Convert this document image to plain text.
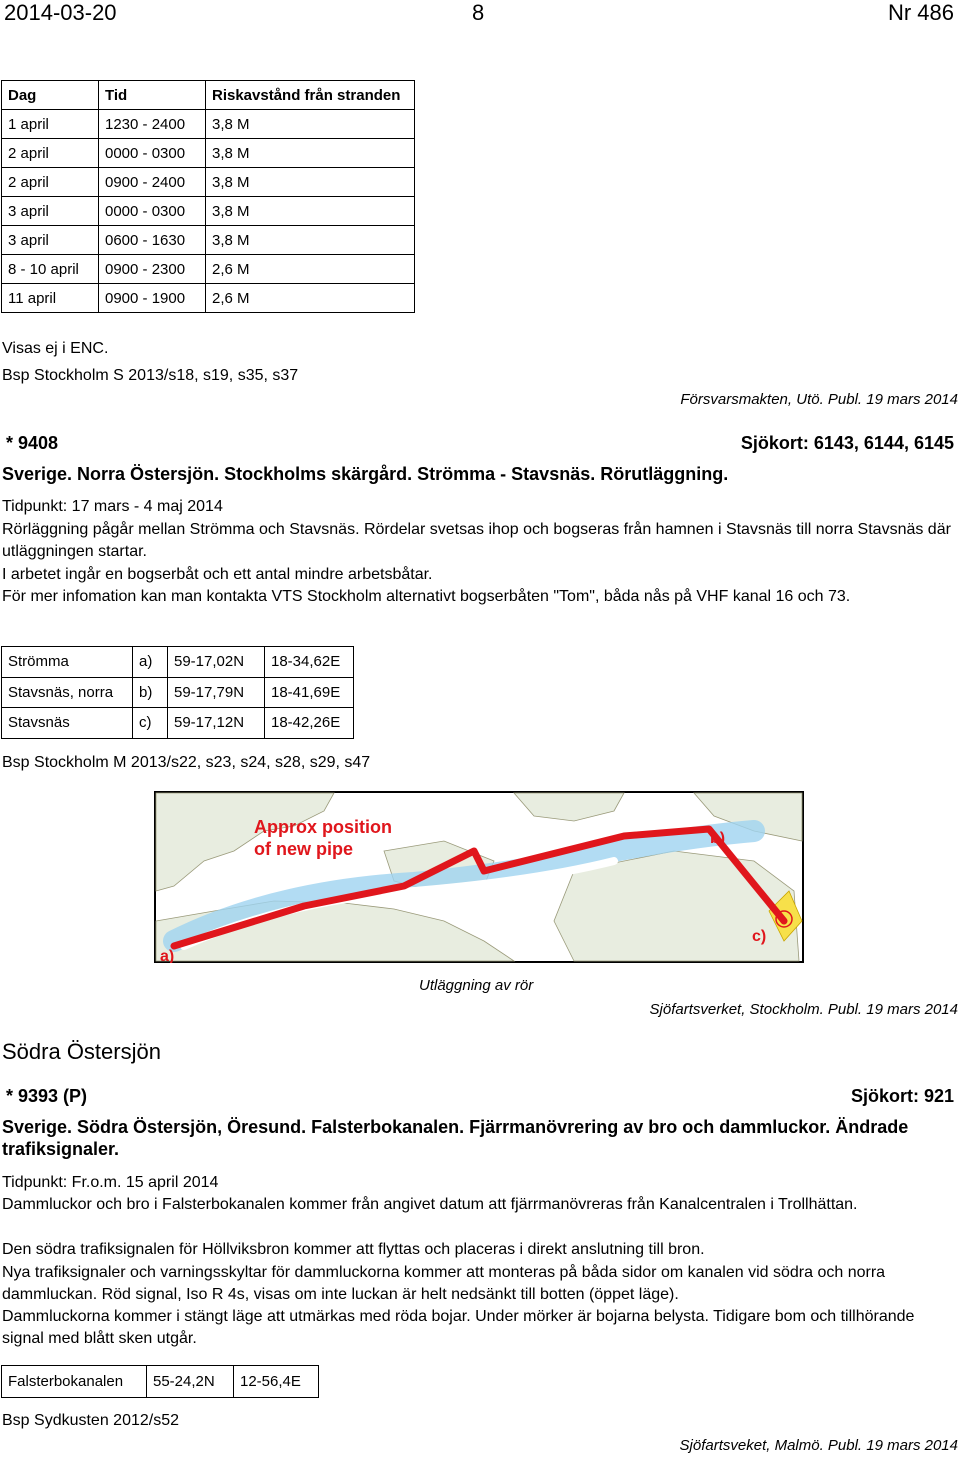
2014-03-20	8	Nr 486
Dag	Tid	Riskavstånd från stranden
1 april	1230 - 2400	3,8 M
2 april	0000 - 0300	3,8 M
2 april	0900 - 2400	3,8 M
3 april	0000 - 0300	3,8 M
3 april	0600 - 1630	3,8 M
8 - 10 april	0900 - 2300	2,6 M
11 april	0900 - 1900	2,6 M
Visas ej i ENC.
Bsp Stockholm S 2013/s18, s19, s35, s37
Försvarsmakten, Utö. Publ. 19 mars 2014
* 9408	Sjökort: 6143, 6144, 6145
Sverige. Norra Östersjön. Stockholms skärgård. Strömma - Stavsnäs. Rörutläggning.
Tidpunkt: 17 mars - 4 maj 2014
Rörläggning pågår mellan Strömma och Stavsnäs. Rördelar svetsas ihop och bogseras från hamnen i Stavsnäs till norra Stavsnäs där utläggningen startar.
I arbetet ingår en bogserbåt och ett antal mindre arbetsbåtar.
För mer infomation kan man kontakta VTS Stockholm alternativt bogserbåten "Tom", båda nås på VHF kanal 16 och 73.
Strömma	a)	59-17,02N	18-34,62E
Stavsnäs, norra	b)	59-17,79N	18-41,69E
Stavsnäs	c)	59-17,12N	18-42,26E
Bsp Stockholm M 2013/s22, s23, s24, s28, s29, s47
Approx position
of new pipe
a)
b)
c)
Utläggning av rör
Sjöfartsverket, Stockholm. Publ. 19 mars 2014
Södra Östersjön
* 9393 (P)	Sjökort: 921
Sverige. Södra Östersjön, Öresund. Falsterbokanalen. Fjärrmanövrering av bro och dammluckor. Ändrade trafiksignaler.
Tidpunkt: Fr.o.m. 15 april 2014
Dammluckor och bro i Falsterbokanalen kommer från angivet datum att fjärrmanövreras från Kanalcentralen i Trollhättan.
Den södra trafiksignalen för Höllviksbron kommer att flyttas och placeras i direkt anslutning till bron.
Nya trafiksignaler och varningsskyltar för dammluckorna kommer att monteras på båda sidor om kanalen vid södra och norra dammluckan. Röd signal, Iso R 4s, visas om inte luckan är helt nedsänkt till botten (öppet läge).
Dammluckorna kommer i stängt läge att utmärkas med röda bojar. Under mörker är bojarna belysta. Tidigare bom och tillhörande signal med blått sken utgår.
Falsterbokanalen	55-24,2N	12-56,4E
Bsp Sydkusten 2012/s52
Sjöfartsveket, Malmö. Publ. 19 mars 2014
